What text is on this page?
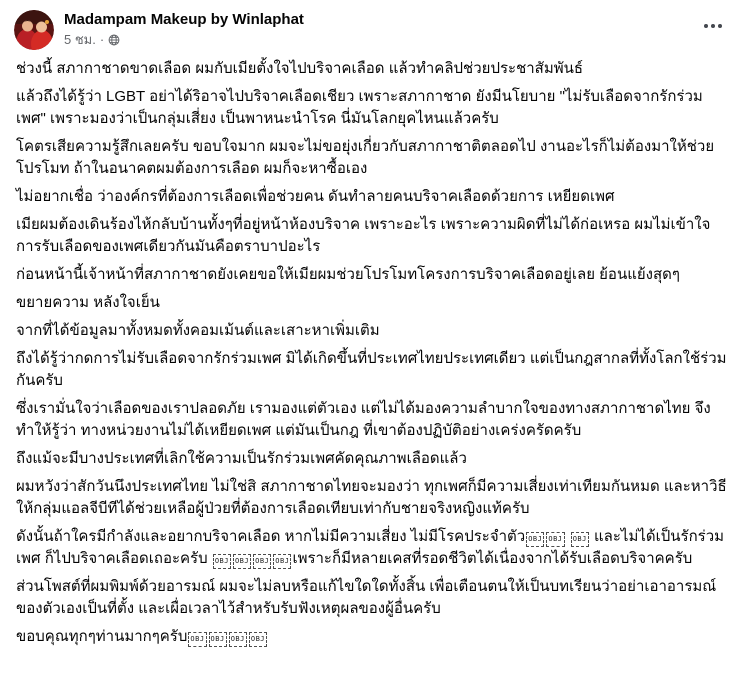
Madampam Makeup by Winlaphat
5 ชม. ·
ช่วงนี้ สภากาชาดขาดเลือด ผมกับเมียตั้งใจไปบริจาคเลือด แล้วทำคลิปช่วยประชาสัมพันธ์
แล้วถึงได้รู้ว่า LGBT อย่าได้ริอาจไปบริจาคเลือดเชียว เพราะสภากาชาด ยังมีนโยบาย "ไม่รับเลือดจากรักร่วมเพศ" เพราะมองว่าเป็นกลุ่มเสี่ยง เป็นพาหนะนำโรค นี่มันโลกยุคไหนแล้วครับ
โคตรเสียความรู้สึกเลยครับ ขอบใจมาก ผมจะไม่ขอยุ่งเกี่ยวกับสภากาชาติตลอดไป งานอะไรก็ไม่ต้องมาให้ช่วยโปรโมท ถ้าในอนาคตผมต้องการเลือด ผมก็จะหาซื้อเอง
ไม่อยากเชื่อ ว่าองค์กรที่ต้องการเลือดเพื่อช่วยคน ดันทำลายคนบริจาคเลือดด้วยการ เหยียดเพศ
เมียผมต้องเดินร้องไห้กลับบ้านทั้งๆที่อยู่หน้าห้องบริจาค เพราะอะไร เพราะความผิดที่ไม่ได้ก่อเหรอ ผมไม่เข้าใจ การรับเลือดของเพศเดียวกันมันคือตราบาปอะไร
ก่อนหน้านี้เจ้าหน้าที่สภากาชาดยังเคยขอให้เมียผมช่วยโปรโมทโครงการบริจาคเลือดอยู่เลย ย้อนแย้งสุดๆ
ขยายความ หลังใจเย็น
จากที่ได้ข้อมูลมาทั้งหมดทั้งคอมเม้นต์และเสาะหาเพิ่มเติม
ถึงได้รู้ว่ากดการไม่รับเลือดจากรักร่วมเพศ มิได้เกิดขึ้นที่ประเทศไทยประเทศเดียว แต่เป็นกฎสากลที่ทั้งโลกใช้ร่วมกันครับ
ซึ่งเรามั่นใจว่าเลือดของเราปลอดภัย เรามองแต่ตัวเอง แต่ไม่ได้มองความลำบากใจของทางสภากาชาดไทย จึงทำให้รู้ว่า ทางหน่วยงานไม่ได้เหยียดเพศ แต่มันเป็นกฎ ที่เขาต้องปฏิบัติอย่างเคร่งครัดครับ
ถึงแม้จะมีบางประเทศที่เลิกใช้ความเป็นรักร่วมเพศคัดคุณภาพเลือดแล้ว
ผมหวังว่าสักวันนึงประเทศไทย ไม่ใช่สิ สภากาชาดไทยจะมองว่า ทุกเพศก็มีความเสี่ยงเท่าเทียมกันหมด และหาวิธีให้กลุ่มแอลจีบีทีได้ช่วยเหลือผู้ป่วยที่ต้องการเลือดเทียบเท่ากับชายจริงหญิงแท้ครับ
ดังนั้นถ้าใครมีกำลังและอยากบริจาคเลือด หากไม่มีความเสี่ยง ไม่มีโรคประจำตัว OBJ OBJ OBJ และไม่ได้เป็นรักร่วมเพศ ก็ไปบริจาคเลือดเถอะครับ OBJ OBJ OBJ OBJ เพราะก็มีหลายเคสที่รอดชีวิตได้เนื่องจากได้รับเลือดบริจาคครับ
ส่วนโพสต์ที่ผมพิมพ์ด้วยอารมณ์ ผมจะไม่ลบหรือแก้ไขใดใดทั้งสิ้น เพื่อเตือนตนให้เป็นบทเรียนว่าอย่าเอาอารมณ์ของตัวเองเป็นที่ตั้ง และเผื่อเวลาไว้สำหรับรับฟังเหตุผลของผู้อื่นครับ
ขอบคุณทุกๆท่านมากๆครับ OBJ OBJ OBJ OBJ
